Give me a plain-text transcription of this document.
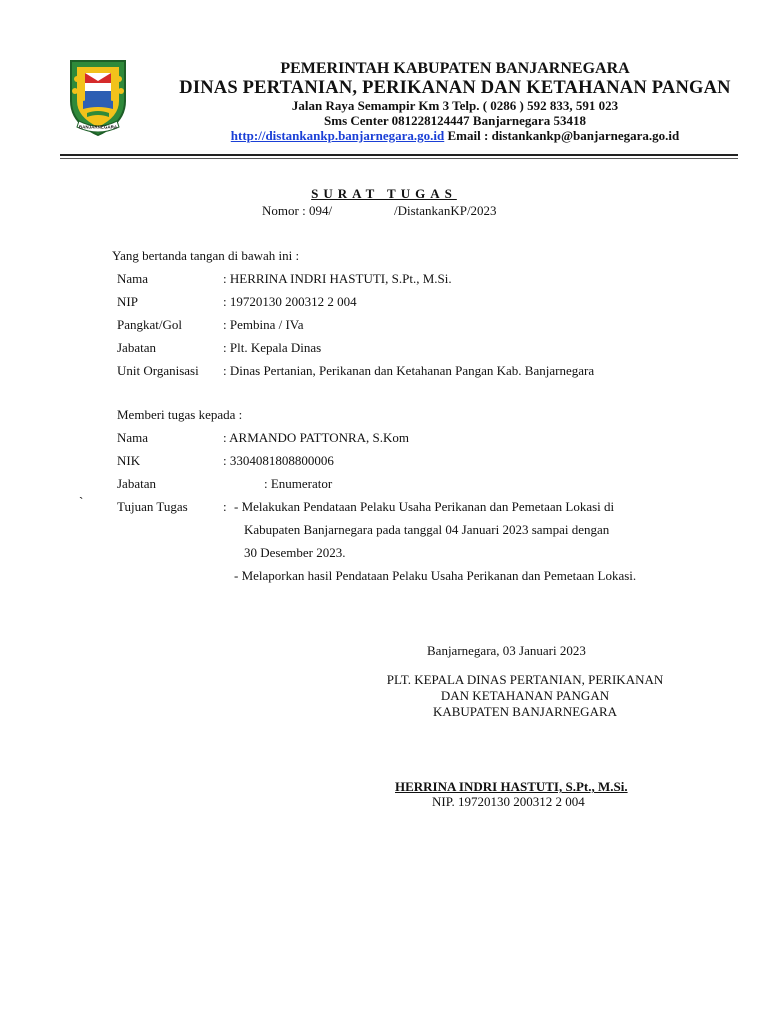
BANJARNEGARA
PEMERINTAH KABUPATEN BANJARNEGARA
DINAS PERTANIAN, PERIKANAN DAN KETAHANAN PANGAN
Jalan Raya Semampir Km 3 Telp. ( 0286 ) 592 833, 591 023
Sms Center 081228124447 Banjarnegara 53418
http://distankankp.banjarnegara.go.id Email : distankankp@banjarnegara.go.id
SURAT TUGAS
Nomor : 094/	/DistankanKP/2023
Yang bertanda tangan di bawah ini :
Nama	: HERRINA INDRI HASTUTI, S.Pt., M.Si.
NIP	: 19720130 200312 2 004
Pangkat/Gol	: Pembina / IVa
Jabatan	: Plt. Kepala Dinas
Unit Organisasi : Dinas Pertanian, Perikanan dan Ketahanan Pangan Kab. Banjarnegara
Memberi tugas kepada :
Nama	: ARMANDO PATTONRA, S.Kom
NIK	: 3304081808800006
Jabatan	: Enumerator
`	Tujuan Tugas	: - Melakukan Pendataan Pelaku Usaha Perikanan dan Pemetaan Lokasi di
Kabupaten Banjarnegara pada tanggal 04 Januari 2023 sampai dengan
30 Desember 2023.
- Melaporkan hasil Pendataan Pelaku Usaha Perikanan dan Pemetaan Lokasi.
Banjarnegara, 03 Januari 2023
PLT. KEPALA DINAS PERTANIAN, PERIKANAN
DAN KETAHANAN PANGAN
KABUPATEN BANJARNEGARA
HERRINA INDRI HASTUTI, S.Pt., M.Si.
NIP. 19720130 200312 2 004
